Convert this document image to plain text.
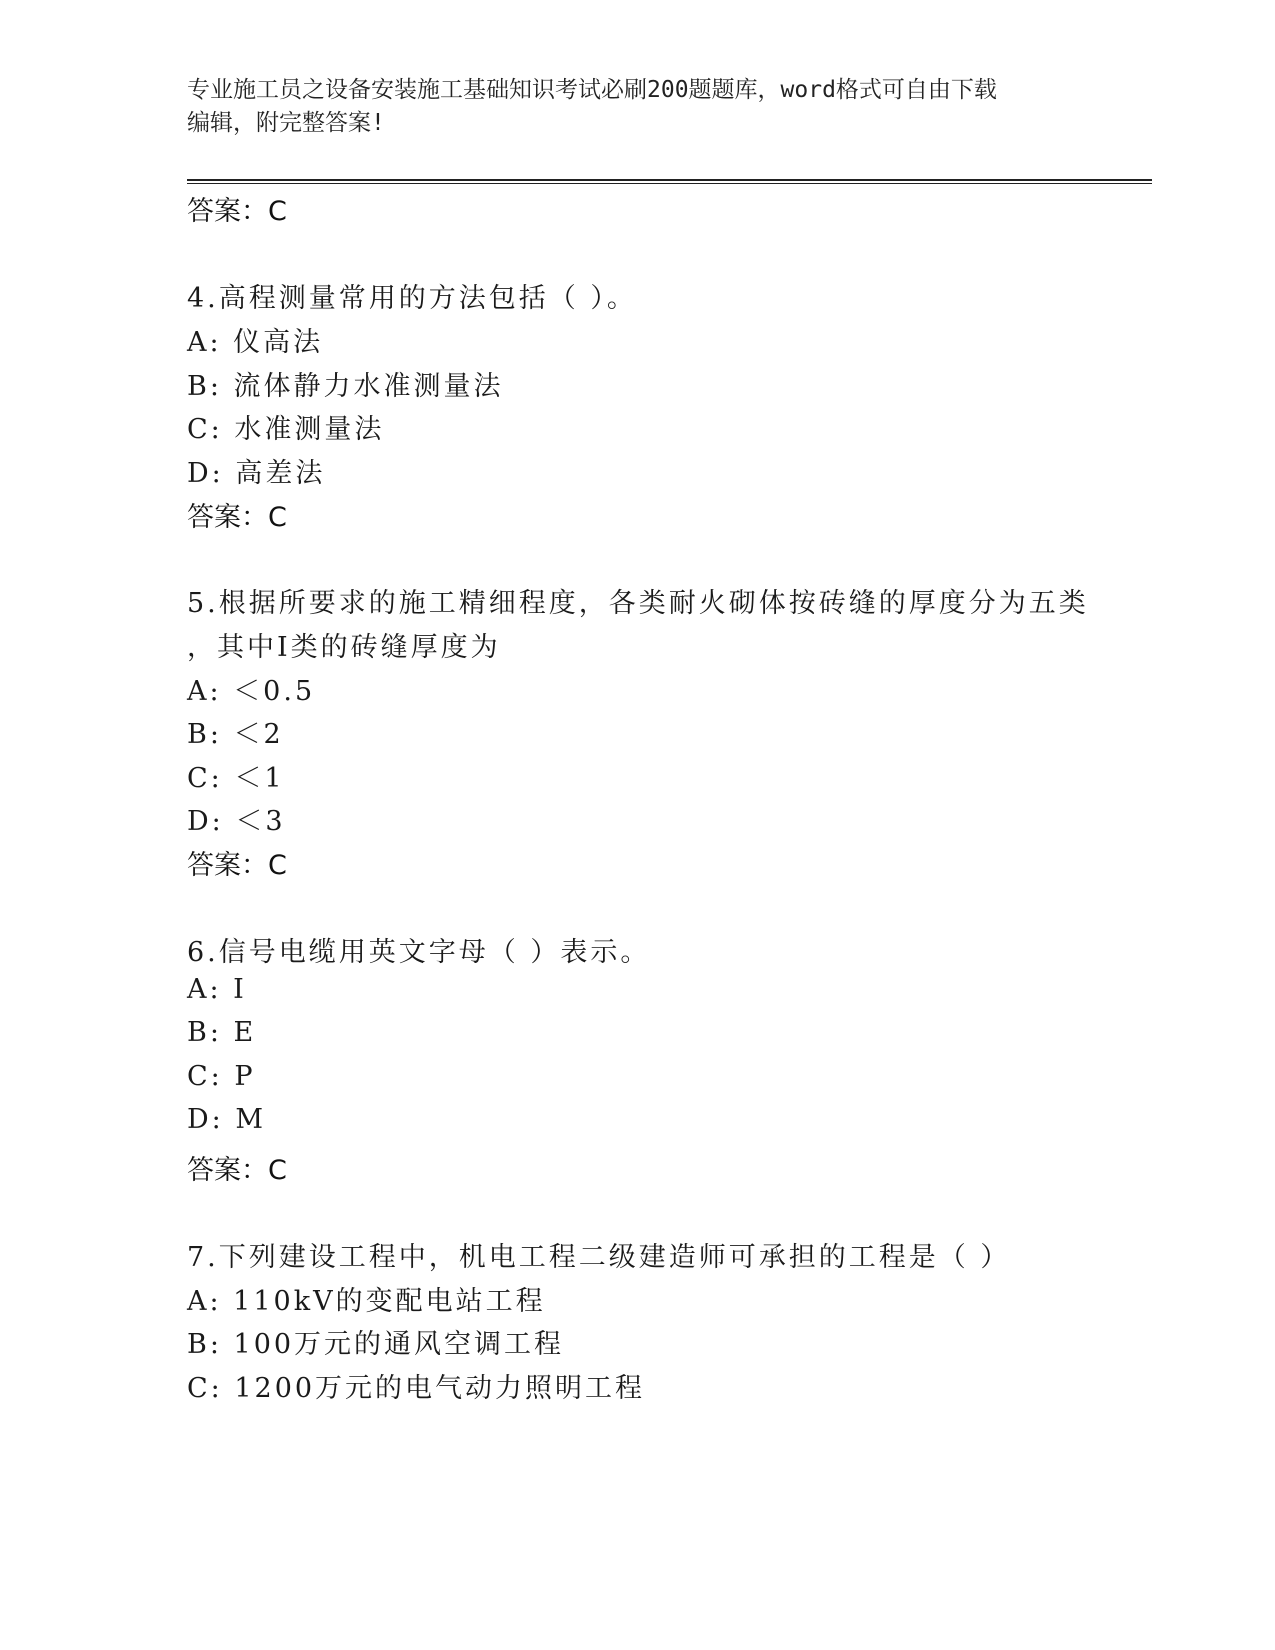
专业施工员之设备安装施工基础知识考试必刷200题题库，word格式可自由下载
编辑，附完整答案!
答案：C
4.高程测量常用的方法包括（ ）。
A: 仪高法
B: 流体静力水准测量法
C: 水准测量法
D: 高差法
答案：C
5.根据所要求的施工精细程度，各类耐火砌体按砖缝的厚度分为五类
，其中I类的砖缝厚度为
A: ＜0.5
B: ＜2
C: ＜1
D: ＜3
答案：C
6.信号电缆用英文字母（ ）表示。
A: I
B: E
C: P
D: M
答案：C
7.下列建设工程中，机电工程二级建造师可承担的工程是（ ）
A: 110kV的变配电站工程
B: 100万元的通风空调工程
C: 1200万元的电气动力照明工程
